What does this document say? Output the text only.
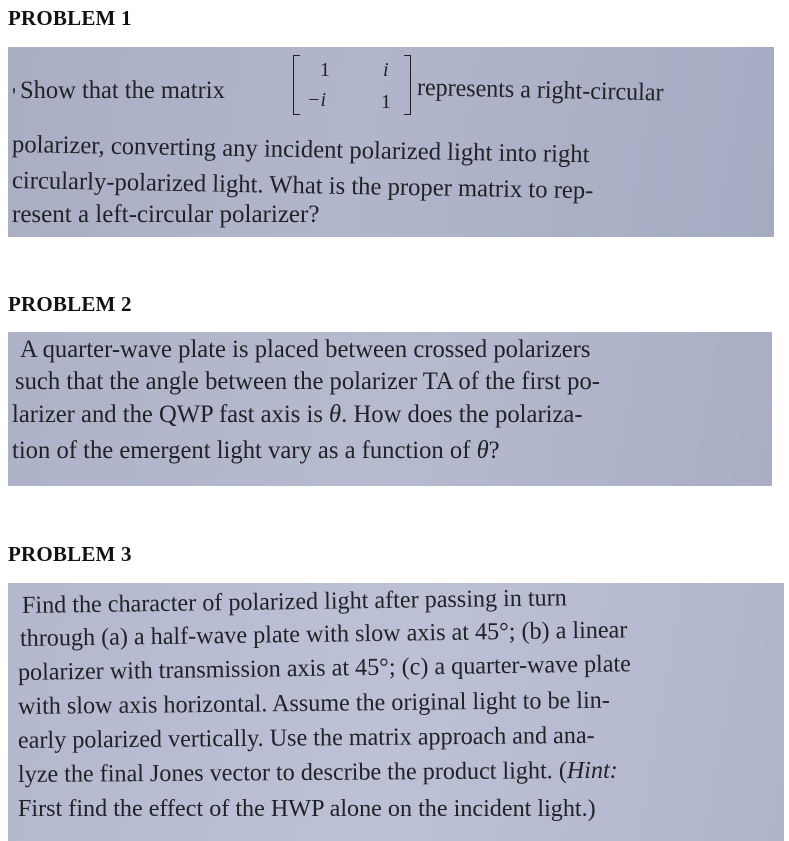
PROBLEM 1
' Show that the matrix
1	i
−i	1 represents a right-circular
polarizer, converting any incident polarized light into right
circularly-polarized light. What is the proper matrix to rep-
resent a left-circular polarizer?
PROBLEM 2
A quarter-wave plate is placed between crossed polarizers
such that the angle between the polarizer TA of the first po-
larizer and the QWP fast axis is θ. How does the polariza-
tion of the emergent light vary as a function of θ?
PROBLEM 3
Find the character of polarized light after passing in turn
through (a) a half-wave plate with slow axis at 45°; (b) a linear
polarizer with transmission axis at 45°; (c) a quarter-wave plate
with slow axis horizontal. Assume the original light to be lin-
early polarized vertically. Use the matrix approach and ana-
lyze the final Jones vector to describe the product light. (Hint:
First find the effect of the HWP alone on the incident light.)
